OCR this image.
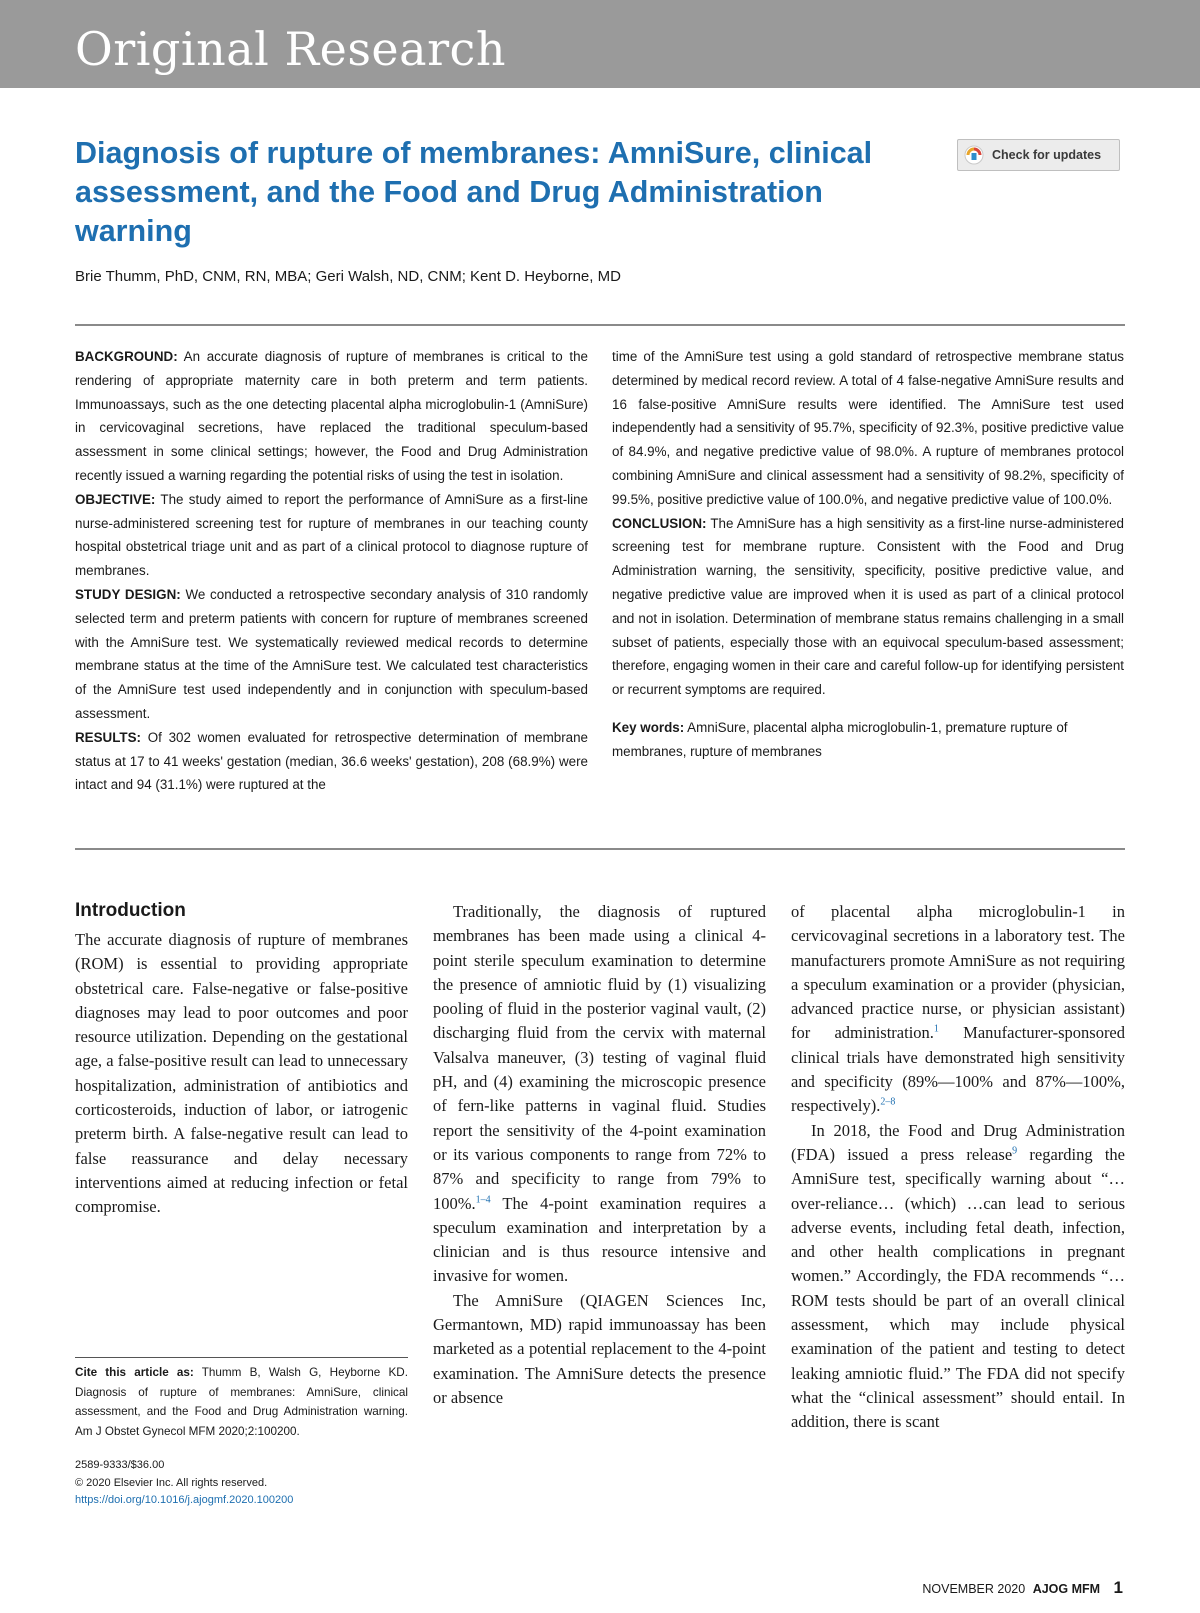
Original Research
Diagnosis of rupture of membranes: AmniSure, clinical assessment, and the Food and Drug Administration warning
Check for updates
Brie Thumm, PhD, CNM, RN, MBA; Geri Walsh, ND, CNM; Kent D. Heyborne, MD

BACKGROUND: An accurate diagnosis of rupture of membranes is critical to the rendering of appropriate maternity care in both preterm and term patients. Immunoassays, such as the one detecting placental alpha microglobulin-1 (AmniSure) in cervicovaginal secretions, have replaced the traditional speculum-based assessment in some clinical settings; however, the Food and Drug Administration recently issued a warning regarding the potential risks of using the test in isolation.

OBJECTIVE: The study aimed to report the performance of AmniSure as a first-line nurse-administered screening test for rupture of membranes in our teaching county hospital obstetrical triage unit and as part of a clinical protocol to diagnose rupture of membranes.

STUDY DESIGN: We conducted a retrospective secondary analysis of 310 randomly selected term and preterm patients with concern for rupture of membranes screened with the AmniSure test. We systematically reviewed medical records to determine membrane status at the time of the AmniSure test. We calculated test characteristics of the AmniSure test used independently and in conjunction with speculum-based assessment.

RESULTS: Of 302 women evaluated for retrospective determination of membrane status at 17 to 41 weeks' gestation (median, 36.6 weeks' gestation), 208 (68.9%) were intact and 94 (31.1%) were ruptured at the

time of the AmniSure test using a gold standard of retrospective membrane status determined by medical record review. A total of 4 false-negative AmniSure results and 16 false-positive AmniSure results were identified. The AmniSure test used independently had a sensitivity of 95.7%, specificity of 92.3%, positive predictive value of 84.9%, and negative predictive value of 98.0%. A rupture of membranes protocol combining AmniSure and clinical assessment had a sensitivity of 98.2%, specificity of 99.5%, positive predictive value of 100.0%, and negative predictive value of 100.0%.

CONCLUSION: The AmniSure has a high sensitivity as a first-line nurse-administered screening test for membrane rupture. Consistent with the Food and Drug Administration warning, the sensitivity, specificity, positive predictive value, and negative predictive value are improved when it is used as part of a clinical protocol and not in isolation. Determination of membrane status remains challenging in a small subset of patients, especially those with an equivocal speculum-based assessment; therefore, engaging women in their care and careful follow-up for identifying persistent or recurrent symptoms are required.

Key words: AmniSure, placental alpha microglobulin-1, premature rupture of membranes, rupture of membranes

Introduction

The accurate diagnosis of rupture of membranes (ROM) is essential to providing appropriate obstetrical care. False-negative or false-positive diagnoses may lead to poor outcomes and poor resource utilization. Depending on the gestational age, a false-positive result can lead to unnecessary hospitalization, administration of antibiotics and corticosteroids, induction of labor, or iatrogenic preterm birth. A false-negative result can lead to false reassurance and delay necessary interventions aimed at reducing infection or fetal compromise.

Traditionally, the diagnosis of ruptured membranes has been made using a clinical 4-point sterile speculum examination to determine the presence of amniotic fluid by (1) visualizing pooling of fluid in the posterior vaginal vault, (2) discharging fluid from the cervix with maternal Valsalva maneuver, (3) testing of vaginal fluid pH, and (4) examining the microscopic presence of fern-like patterns in vaginal fluid. Studies report the sensitivity of the 4-point examination or its various components to range from 72% to 87% and specificity to range from 79% to 100%.$^{1-4}$ The 4-point examination requires a speculum examination and interpretation by a clinician and is thus resource intensive and invasive for women.

The AmniSure (QIAGEN Sciences Inc, Germantown, MD) rapid immunoassay has been marketed as a potential replacement to the 4-point examination. The AmniSure detects the presence or absence

of placental alpha microglobulin-1 in cervicovaginal secretions in a laboratory test. The manufacturers promote AmniSure as not requiring a speculum examination or a provider (physician, advanced practice nurse, or physician assistant) for administration.$^1$ Manufacturer-sponsored clinical trials have demonstrated high sensitivity and specificity (89%—100% and 87%—100%, respectively).$^{2-8}$

In 2018, the Food and Drug Administration (FDA) issued a press release$^9$ regarding the AmniSure test, specifically warning about “…over-reliance… (which) …can lead to serious adverse events, including fetal death, infection, and other health complications in pregnant women.” Accordingly, the FDA recommends “…ROM tests should be part of an overall clinical assessment, which may include physical examination of the patient and testing to detect leaking amniotic fluid.” The FDA did not specify what the “clinical assessment” should entail. In addition, there is scant

Cite this article as: Thumm B, Walsh G, Heyborne KD. Diagnosis of rupture of membranes: AmniSure, clinical assessment, and the Food and Drug Administration warning. Am J Obstet Gynecol MFM 2020;2:100200.

2589-9333/$36.00
© 2020 Elsevier Inc. All rights reserved.
https://doi.org/10.1016/j.ajogmf.2020.100200
NOVEMBER 2020 AJOG MFM 1
